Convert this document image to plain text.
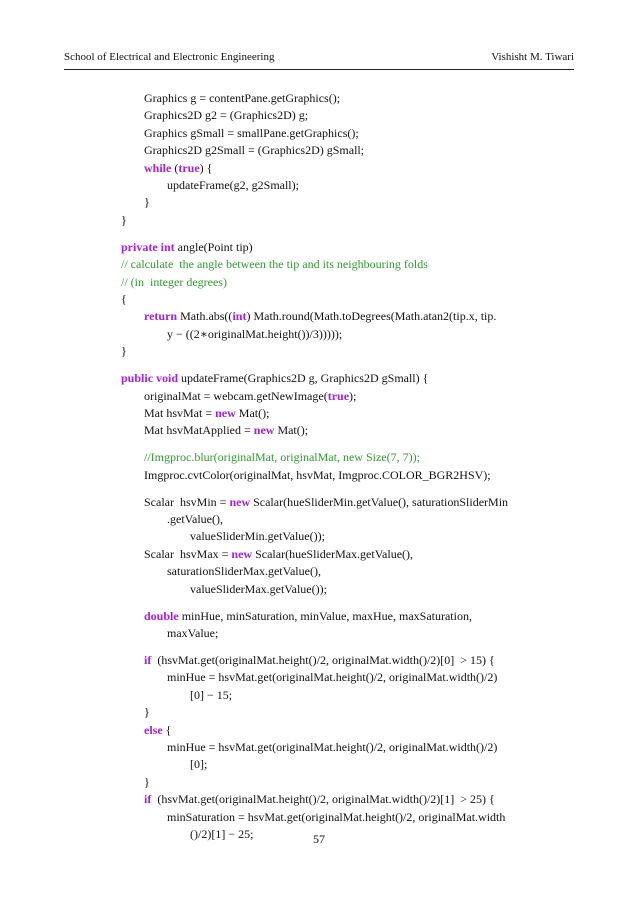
School of Electrical and Electronic Engineering	Vishisht M. Tiwari
Graphics g = contentPane.getGraphics();
Graphics2D g2 = (Graphics2D) g;
Graphics gSmall = smallPane.getGraphics();
Graphics2D g2Small = (Graphics2D) gSmall;
while (true) {
updateFrame(g2, g2Small);
}
}
private int angle(Point tip)
// calculate  the angle between the tip and its neighbouring folds
// (in  integer degrees)
{
return Math.abs((int) Math.round(Math.toDegrees(Math.atan2(tip.x, tip.
y − ((2∗originalMat.height())/3)))));
}
public void updateFrame(Graphics2D g, Graphics2D gSmall) {
originalMat = webcam.getNewImage(true);
Mat hsvMat = new Mat();
Mat hsvMatApplied = new Mat();
//Imgproc.blur(originalMat, originalMat, new Size(7, 7));
Imgproc.cvtColor(originalMat, hsvMat, Imgproc.COLOR_BGR2HSV);
Scalar  hsvMin = new Scalar(hueSliderMin.getValue(), saturationSliderMin
.getValue(),
valueSliderMin.getValue());
Scalar  hsvMax = new Scalar(hueSliderMax.getValue(),
saturationSliderMax.getValue(),
valueSliderMax.getValue());
double minHue, minSaturation, minValue, maxHue, maxSaturation,
maxValue;
if  (hsvMat.get(originalMat.height()/2, originalMat.width()/2)[0]  > 15) {
minHue = hsvMat.get(originalMat.height()/2, originalMat.width()/2)
[0] − 15;
}
else {
minHue = hsvMat.get(originalMat.height()/2, originalMat.width()/2)
[0];
}
if  (hsvMat.get(originalMat.height()/2, originalMat.width()/2)[1]  > 25) {
minSaturation = hsvMat.get(originalMat.height()/2, originalMat.width
()/2)[1] − 25;	57
